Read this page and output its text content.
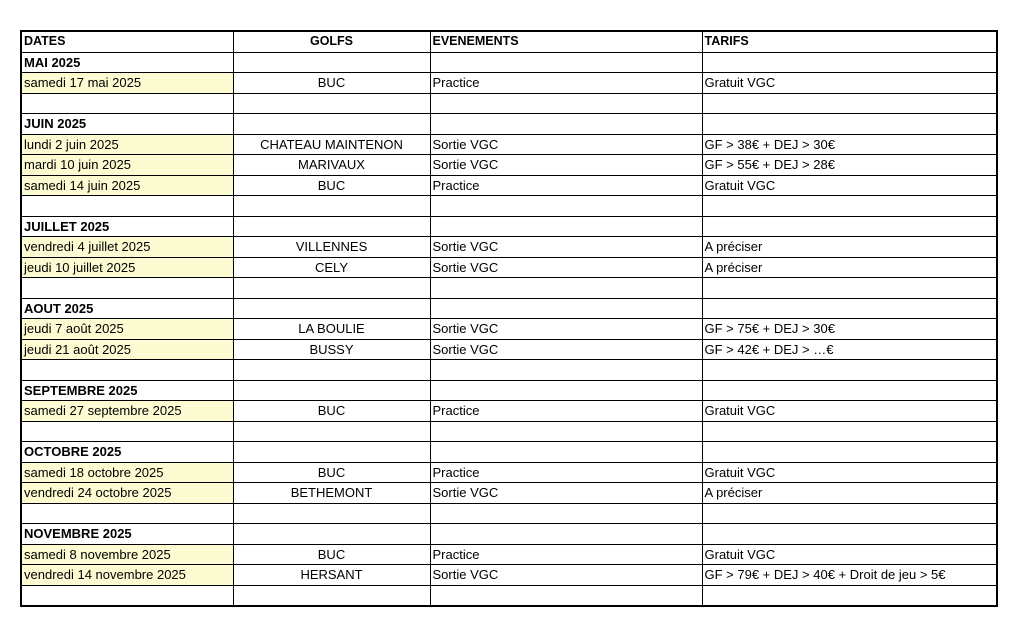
DATES	GOLFS	EVENEMENTS	TARIFS
MAI 2025			
samedi 17 mai 2025	BUC	Practice	Gratuit VGC

JUIN 2025			
lundi 2 juin 2025	CHATEAU MAINTENON	Sortie VGC	GF > 38€ + DEJ > 30€
mardi 10 juin 2025	MARIVAUX	Sortie VGC	GF > 55€ + DEJ > 28€
samedi 14 juin 2025	BUC	Practice	Gratuit VGC

JUILLET 2025			
vendredi 4 juillet 2025	VILLENNES	Sortie VGC	A préciser
jeudi 10 juillet 2025	CELY	Sortie VGC	A préciser

AOUT 2025			
jeudi 7 août 2025	LA BOULIE	Sortie VGC	GF > 75€ + DEJ > 30€
jeudi 21 août 2025	BUSSY	Sortie VGC	GF > 42€ + DEJ > …€

SEPTEMBRE 2025			
samedi 27 septembre 2025	BUC	Practice	Gratuit VGC

OCTOBRE 2025			
samedi 18 octobre 2025	BUC	Practice	Gratuit VGC
vendredi 24 octobre 2025	BETHEMONT	Sortie VGC	A préciser

NOVEMBRE 2025			
samedi 8 novembre 2025	BUC	Practice	Gratuit VGC
vendredi 14 novembre 2025	HERSANT	Sortie VGC	GF > 79€ + DEJ > 40€ + Droit de jeu > 5€
